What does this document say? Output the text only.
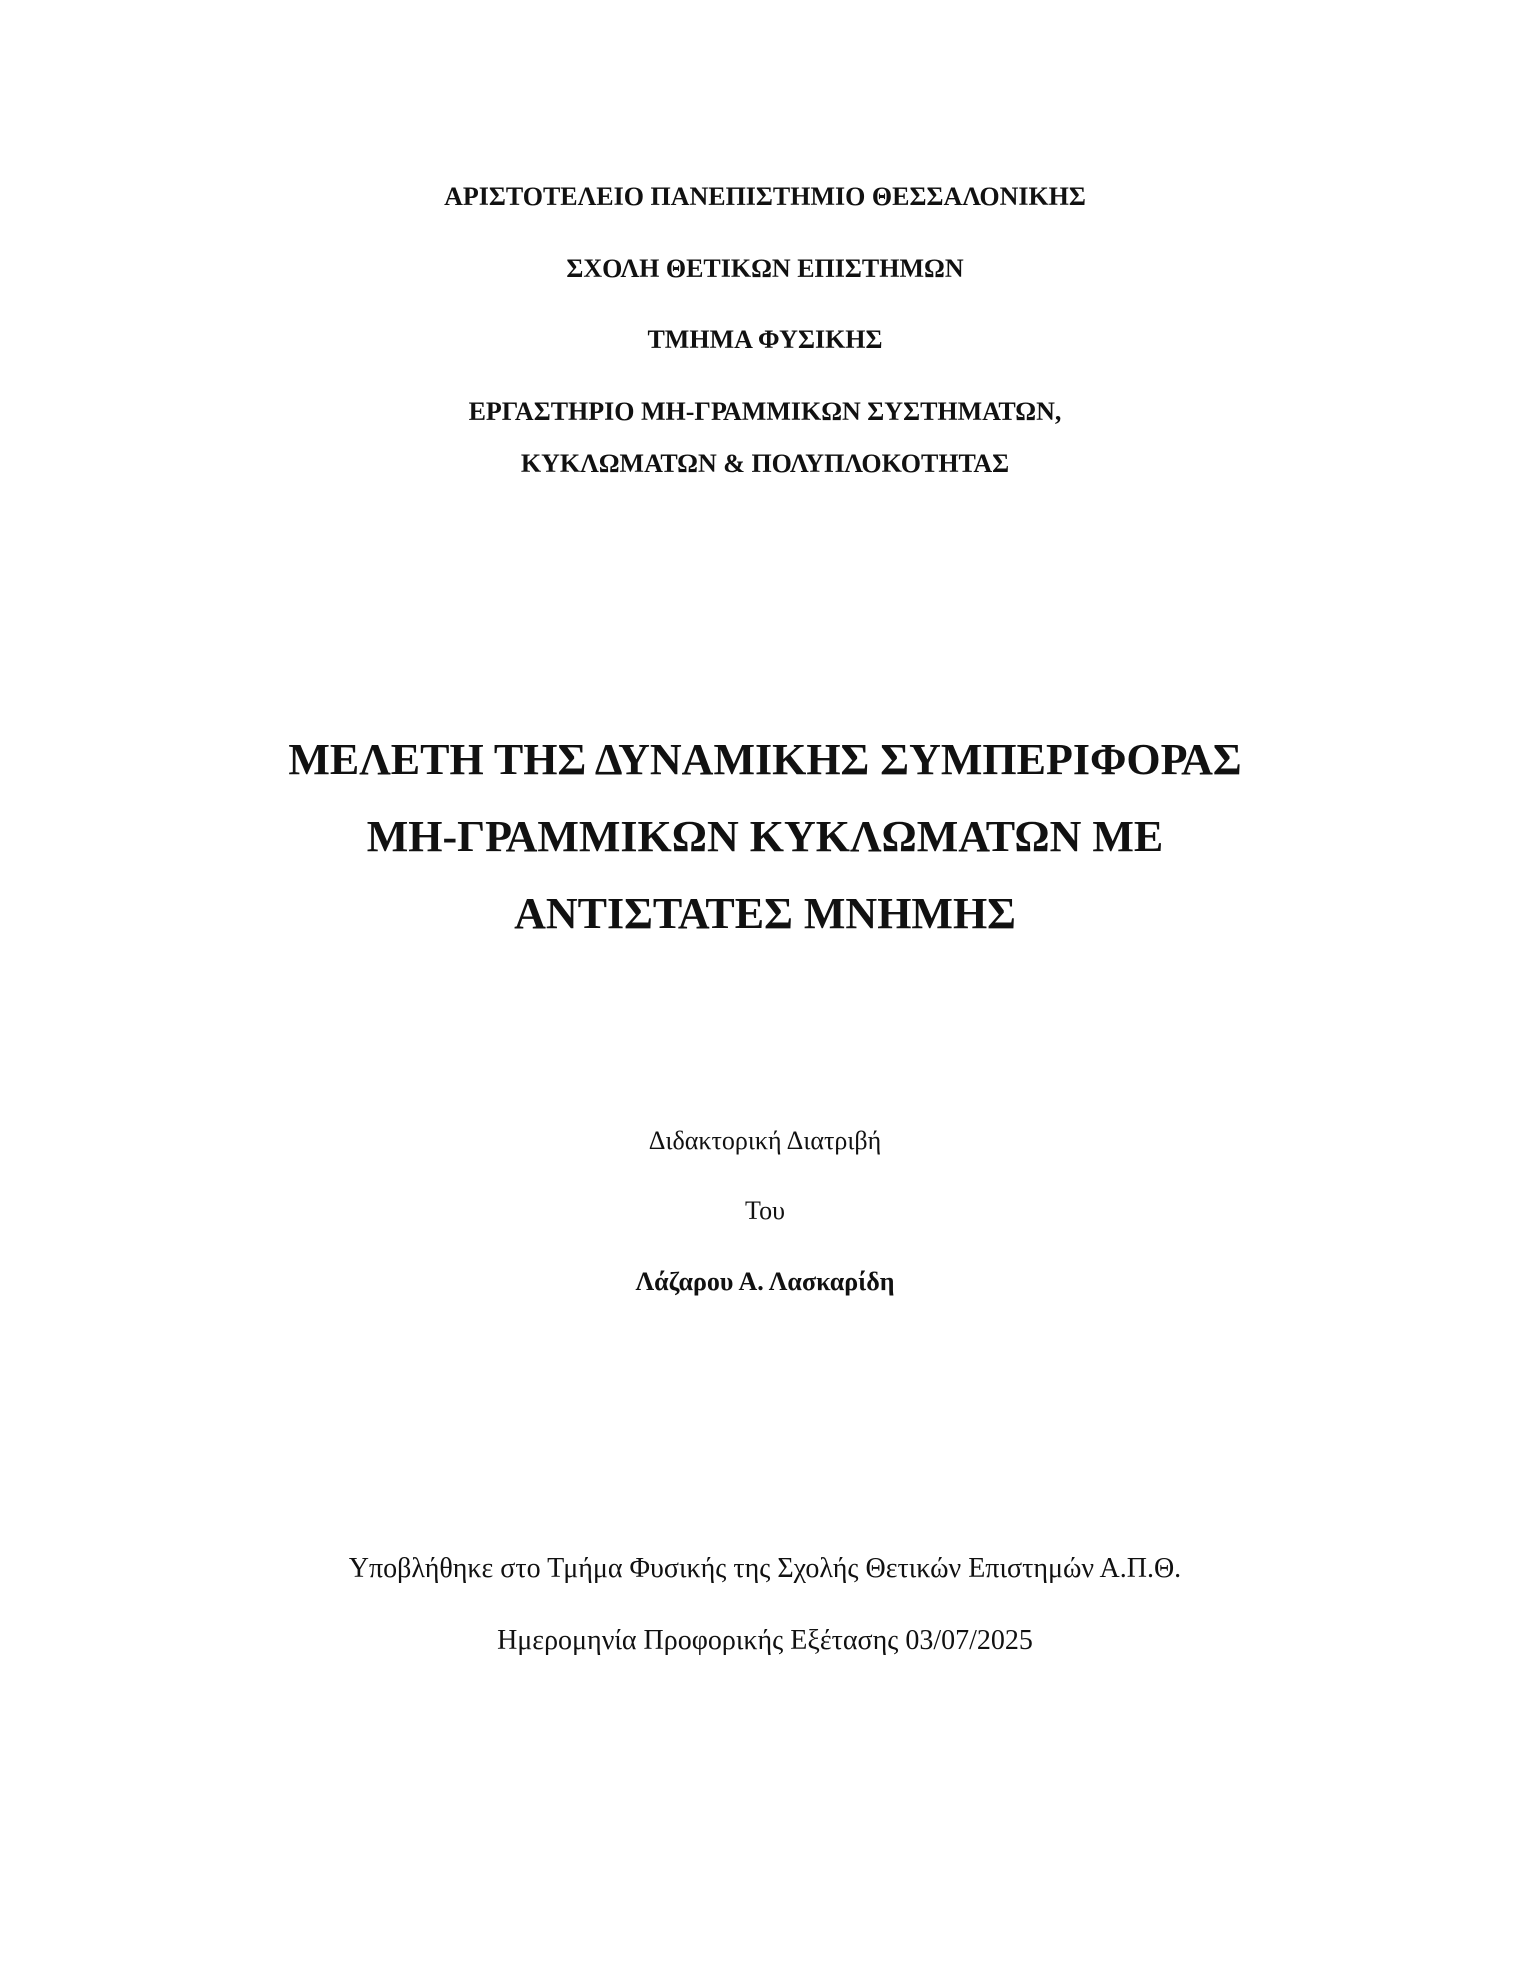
ΑΡΙΣΤΟΤΕΛΕΙΟ ΠΑΝΕΠΙΣΤΗΜΙΟ ΘΕΣΣΑΛΟΝΙΚΗΣ
ΣΧΟΛΗ ΘΕΤΙΚΩΝ ΕΠΙΣΤΗΜΩΝ
ΤΜΗΜΑ ΦΥΣΙΚΗΣ
ΕΡΓΑΣΤΗΡΙΟ ΜΗ-ΓΡΑΜΜΙΚΩΝ ΣΥΣΤΗΜΑΤΩΝ,
ΚΥΚΛΩΜΑΤΩΝ & ΠΟΛΥΠΛΟΚΟΤΗΤΑΣ
ΜΕΛΕΤΗ ΤΗΣ ΔΥΝΑΜΙΚΗΣ ΣΥΜΠΕΡΙΦΟΡΑΣ
ΜΗ-ΓΡΑΜΜΙΚΩΝ ΚΥΚΛΩΜΑΤΩΝ ΜΕ
ΑΝΤΙΣΤΑΤΕΣ ΜΝΗΜΗΣ
Διδακτορική Διατριβή
Του
Λάζαρου Α. Λασκαρίδη
Υποβλήθηκε στο Τμήμα Φυσικής της Σχολής Θετικών Επιστημών Α.Π.Θ.
Ημερομηνία Προφορικής Εξέτασης 03/07/2025
